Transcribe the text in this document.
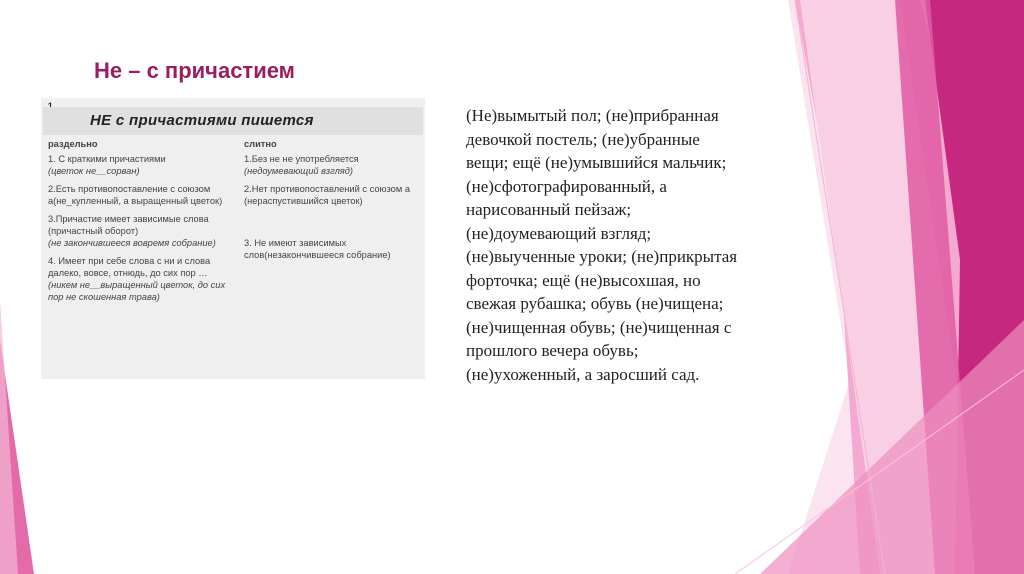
Не – с причастием
НЕ с причастиями пишется
раздельно
1. С краткими причастиями
(цветок не__сорван)
2.Есть противопоставление с союзом а(не_купленный, а выращенный цветок)
3.Причастие имеет зависимые слова (причастный оборот)
(не закончившееся вовремя собрание)
4. Имеет при себе слова с ни и слова далеко, вовсе, отнюдь, до сих пор …
(никем не__выращенный цветок, до сих пор не скошенная трава)
слитно
1.Без не не употребляется
(недоумевающий взгляд)
2.Нет противопоставлений с союзом а (нераспустившийся цветок)
3. Не имеют зависимых слов(незакончившееся собрание)

(Не)вымытый пол; (не)прибранная

девочкой постель; (не)убранные

вещи; ещё (не)умывшийся мальчик;

(не)сфотографированный, а

нарисованный пейзаж;

(не)доумевающий взгляд;

(не)выученные уроки; (не)прикрытая

форточка; ещё (не)высохшая, но

свежая рубашка; обувь (не)чищена;

(не)чищенная обувь; (не)чищенная с

прошлого вечера обувь;

(не)ухоженный, а заросший сад.
